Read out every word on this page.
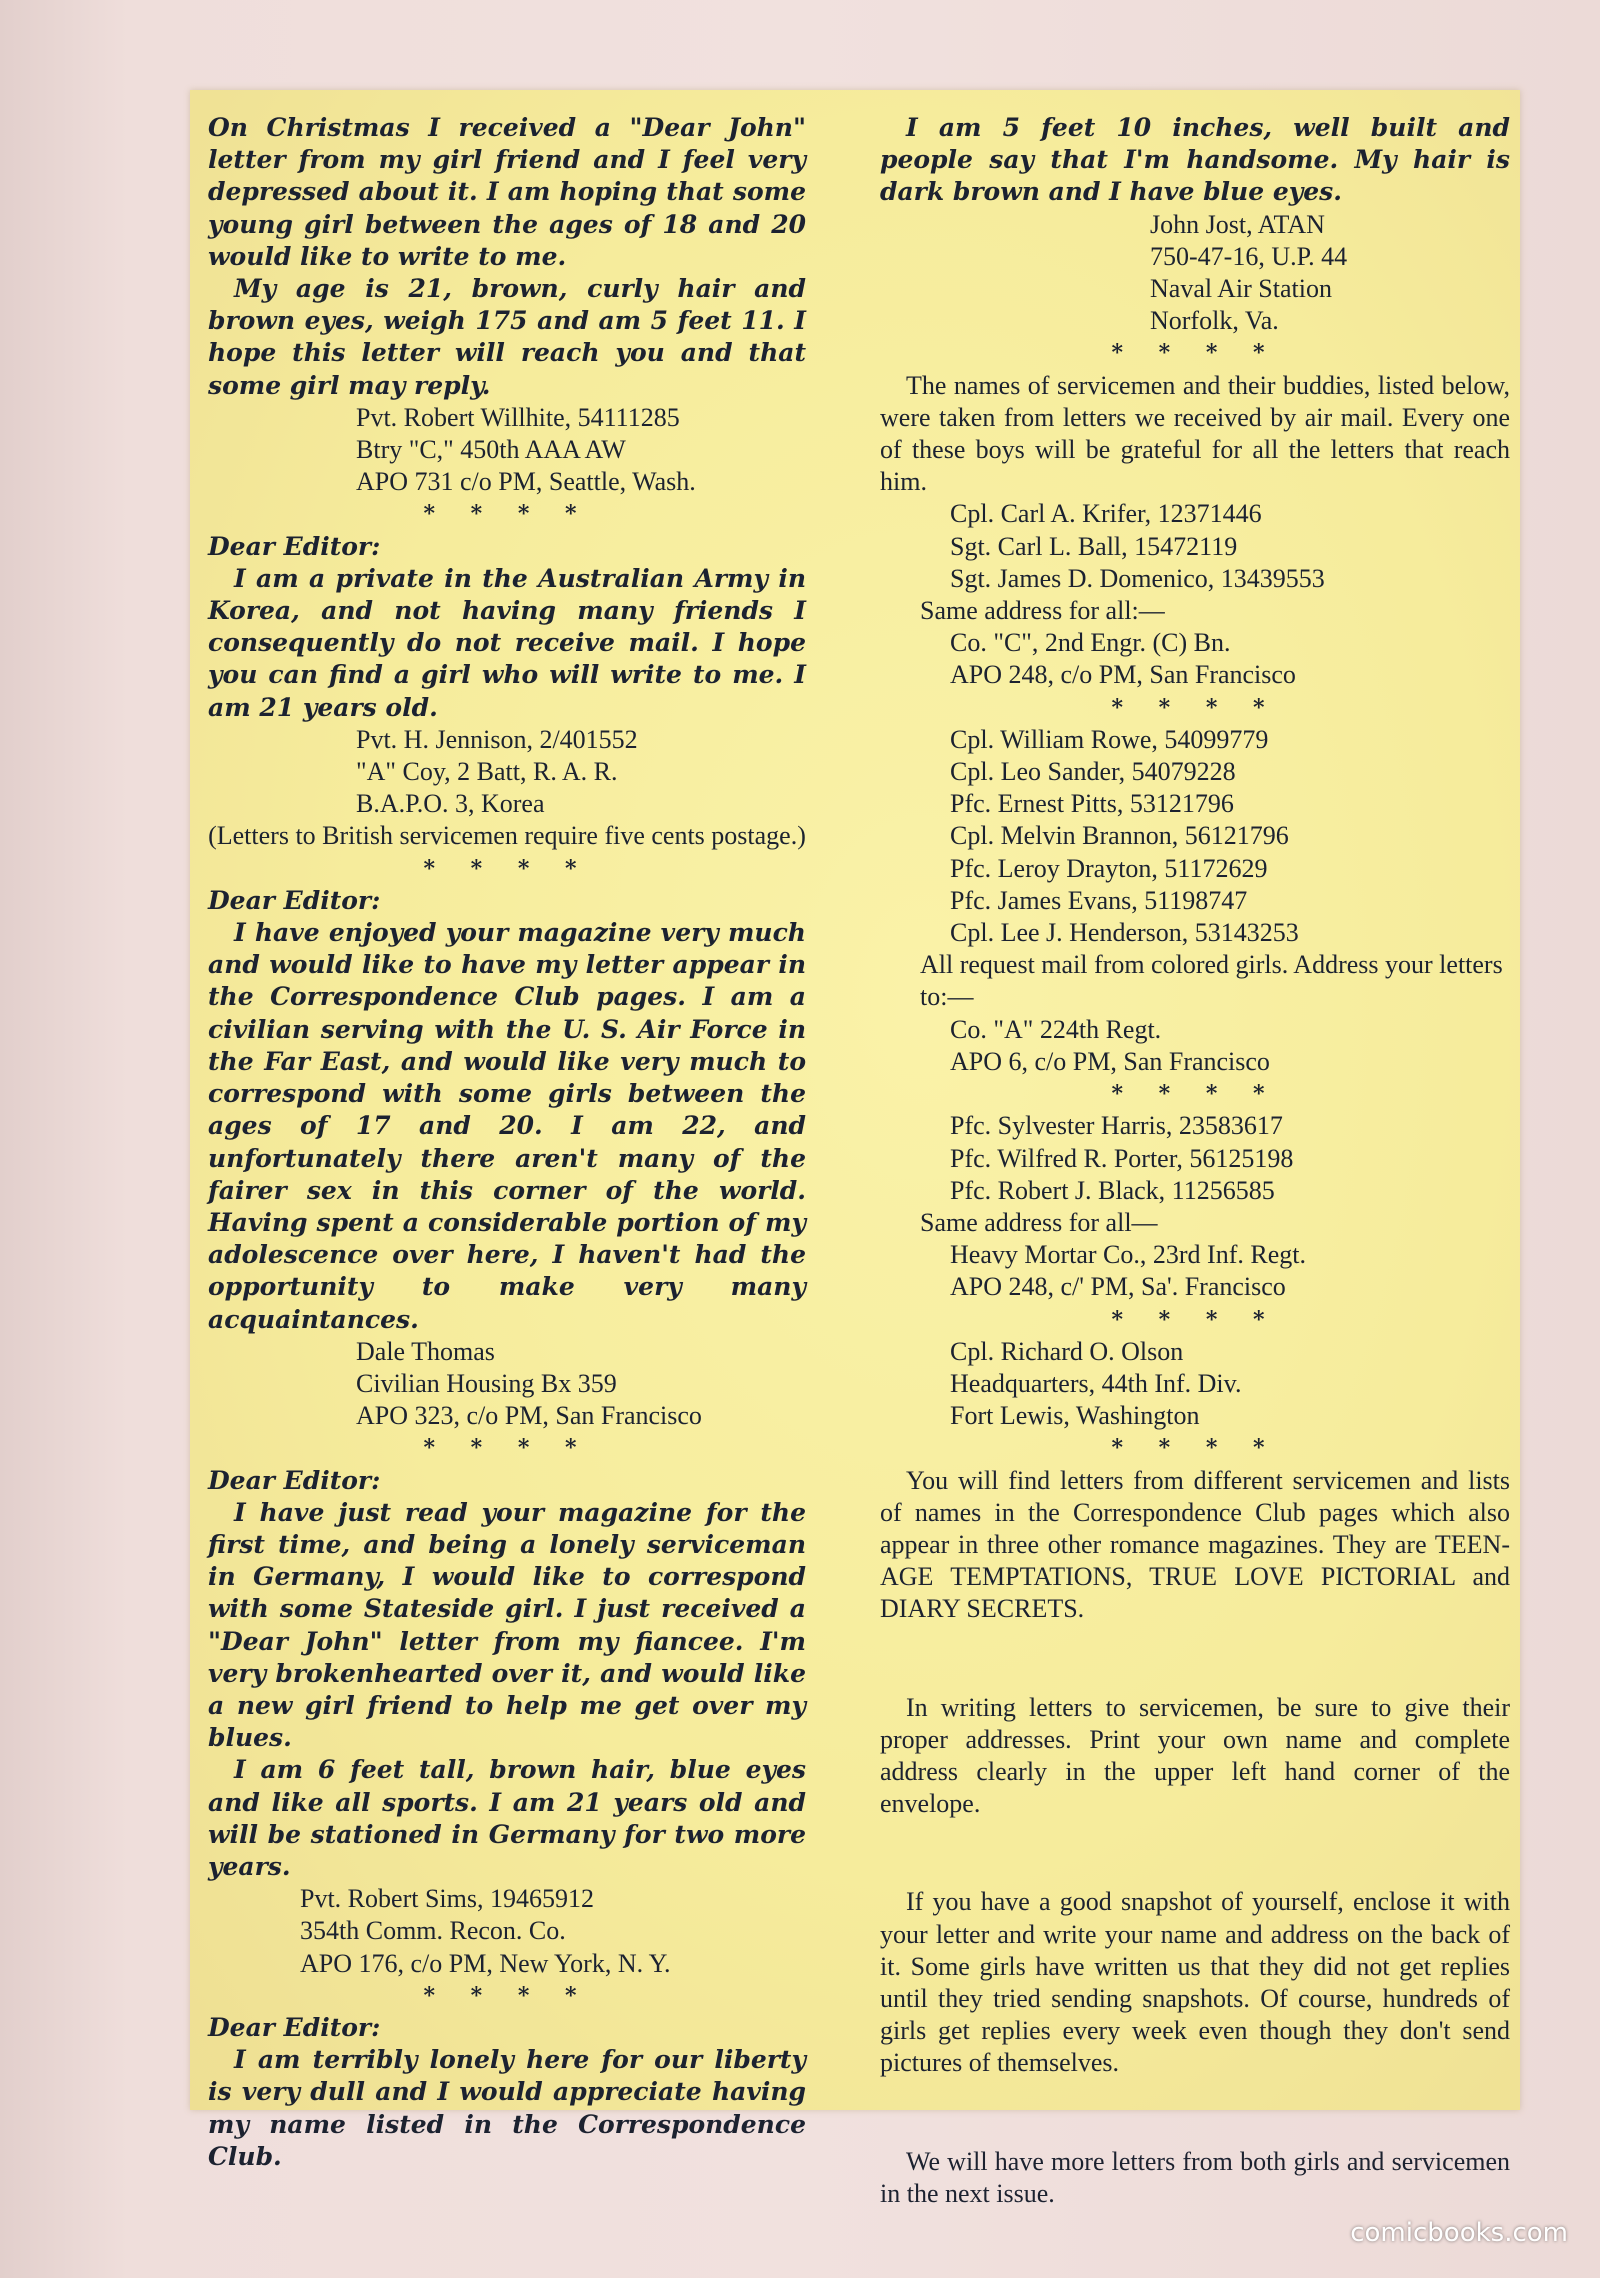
On Christmas I received a "Dear John" letter from my girl friend and I feel very depressed about it. I am hoping that some young girl between the ages of 18 and 20 would like to write to me.

My age is 21, brown, curly hair and brown eyes, weigh 175 and am 5 feet 11. I hope this letter will reach you and that some girl may reply.

Pvt. Robert Willhite, 54111285

Btry "C," 450th AAA AW

APO 731 c/o PM, Seattle, Wash.

* * * *

Dear Editor:

I am a private in the Australian Army in Korea, and not having many friends I consequently do not receive mail. I hope you can find a girl who will write to me. I am 21 years old.

Pvt. H. Jennison, 2/401552

"A" Coy, 2 Batt, R. A. R.

B.A.P.O. 3, Korea

(Letters to British servicemen require five cents postage.)

* * * *

Dear Editor:

I have enjoyed your magazine very much and would like to have my letter appear in the Correspondence Club pages. I am a civilian serving with the U. S. Air Force in the Far East, and would like very much to correspond with some girls between the ages of 17 and 20. I am 22, and unfortunately there aren't many of the fairer sex in this corner of the world. Having spent a considerable portion of my adolescence over here, I haven't had the opportunity to make very many acquaintances.

Dale Thomas

Civilian Housing Bx 359

APO 323, c/o PM, San Francisco

* * * *

Dear Editor:

I have just read your magazine for the first time, and being a lonely serviceman in Germany, I would like to correspond with some Stateside girl. I just received a "Dear John" letter from my fiancee. I'm very brokenhearted over it, and would like a new girl friend to help me get over my blues.

I am 6 feet tall, brown hair, blue eyes and like all sports. I am 21 years old and will be stationed in Germany for two more years.

Pvt. Robert Sims, 19465912

354th Comm. Recon. Co.

APO 176, c/o PM, New York, N. Y.

* * * *

Dear Editor:

I am terribly lonely here for our liberty is very dull and I would appreciate having my name listed in the Correspondence Club.

I am 5 feet 10 inches, well built and people say that I'm handsome. My hair is dark brown and I have blue eyes.

John Jost, ATAN

750-47-16, U.P. 44

Naval Air Station

Norfolk, Va.

* * * *

The names of servicemen and their buddies, listed below, were taken from letters we received by air mail. Every one of these boys will be grateful for all the letters that reach him.

Cpl. Carl A. Krifer, 12371446

Sgt. Carl L. Ball, 15472119

Sgt. James D. Domenico, 13439553

Same address for all:—

Co. "C", 2nd Engr. (C) Bn.

APO 248, c/o PM, San Francisco

* * * *

Cpl. William Rowe, 54099779

Cpl. Leo Sander, 54079228

Pfc. Ernest Pitts, 53121796

Cpl. Melvin Brannon, 56121796

Pfc. Leroy Drayton, 51172629

Pfc. James Evans, 51198747

Cpl. Lee J. Henderson, 53143253

All request mail from colored girls. Address your letters to:—

Co. "A" 224th Regt.

APO 6, c/o PM, San Francisco

* * * *

Pfc. Sylvester Harris, 23583617

Pfc. Wilfred R. Porter, 56125198

Pfc. Robert J. Black, 11256585

Same address for all—

Heavy Mortar Co., 23rd Inf. Regt.

APO 248, c/' PM, Sa'. Francisco

* * * *

Cpl. Richard O. Olson

Headquarters, 44th Inf. Div.

Fort Lewis, Washington

* * * *

You will find letters from different servicemen and lists of names in the Correspondence Club pages which also appear in three other romance magazines. They are TEEN-AGE TEMPTATIONS, TRUE LOVE PICTORIAL and DIARY SECRETS.

In writing letters to servicemen, be sure to give their proper addresses. Print your own name and complete address clearly in the upper left hand corner of the envelope.

If you have a good snapshot of yourself, enclose it with your letter and write your name and address on the back of it. Some girls have written us that they did not get replies until they tried sending snapshots. Of course, hundreds of girls get replies every week even though they don't send pictures of themselves.

We will have more letters from both girls and servicemen in the next issue.

comicbooks.com
